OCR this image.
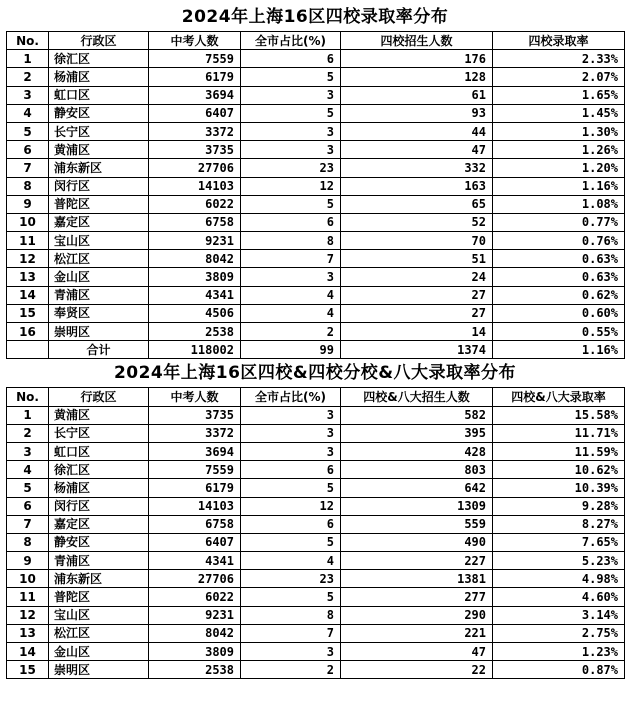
2024年上海16区四校录取率分布
No.	行政区	中考人数	全市占比(%)	四校招生人数	四校录取率
1	徐汇区	7559	6	176	2.33%
2	杨浦区	6179	5	128	2.07%
3	虹口区	3694	3	61	1.65%
4	静安区	6407	5	93	1.45%
5	长宁区	3372	3	44	1.30%
6	黄浦区	3735	3	47	1.26%
7	浦东新区	27706	23	332	1.20%
8	闵行区	14103	12	163	1.16%
9	普陀区	6022	5	65	1.08%
10	嘉定区	6758	6	52	0.77%
11	宝山区	9231	8	70	0.76%
12	松江区	8042	7	51	0.63%
13	金山区	3809	3	24	0.63%
14	青浦区	4341	4	27	0.62%
15	奉贤区	4506	4	27	0.60%
16	崇明区	2538	2	14	0.55%
	合计	118002	99	1374	1.16%
2024年上海16区四校&四校分校&八大录取率分布
No.	行政区	中考人数	全市占比(%)	四校&八大招生人数	四校&八大录取率
1	黄浦区	3735	3	582	15.58%
2	长宁区	3372	3	395	11.71%
3	虹口区	3694	3	428	11.59%
4	徐汇区	7559	6	803	10.62%
5	杨浦区	6179	5	642	10.39%
6	闵行区	14103	12	1309	9.28%
7	嘉定区	6758	6	559	8.27%
8	静安区	6407	5	490	7.65%
9	青浦区	4341	4	227	5.23%
10	浦东新区	27706	23	1381	4.98%
11	普陀区	6022	5	277	4.60%
12	宝山区	9231	8	290	3.14%
13	松江区	8042	7	221	2.75%
14	金山区	3809	3	47	1.23%
15	崇明区	2538	2	22	0.87%
